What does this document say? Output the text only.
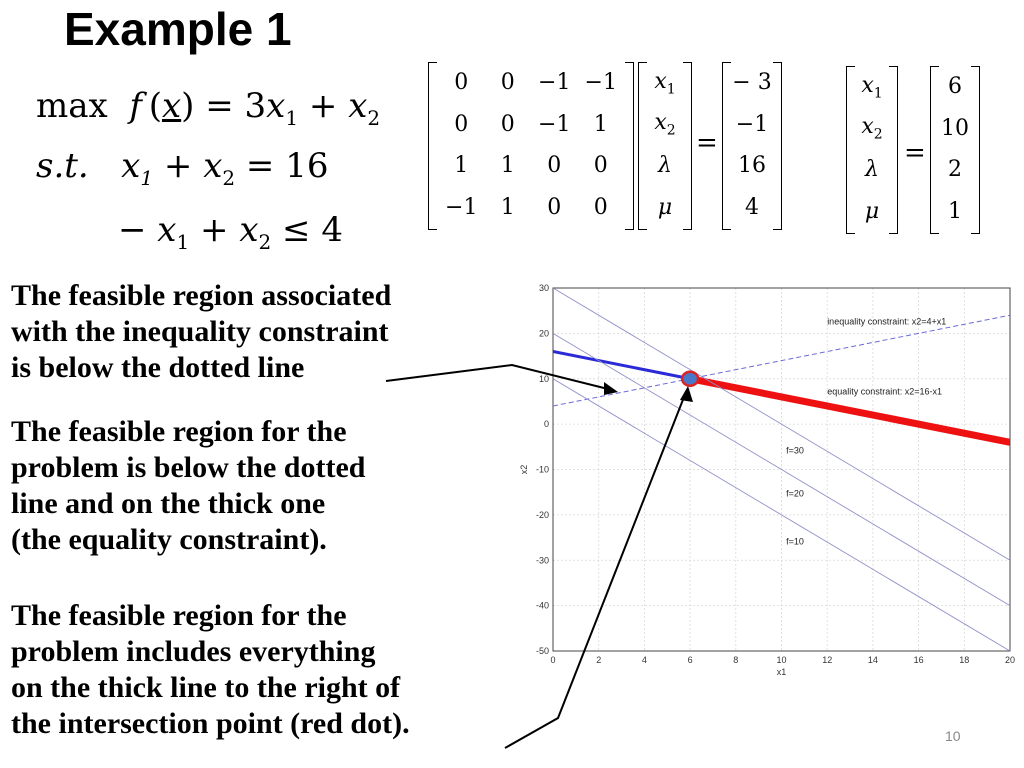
Example 1
max f $(x) = 3x_1 + x_2$
s.t. $x_1 + x_2 = 16$
− $x_1 + x_2 \le 4$
0 0 −1 −1
0 0 −1 1
1 1 0 0
−1 1 0 0
$x_1$
$x_2$
λ
μ
=
− 3
−1
16
4
$x_1$
$x_2$
λ
μ
=
6
10
2
1
The feasible region associated
with the inequality constraint
is below the dotted line
The feasible region for the
problem is below the dotted
line and on the thick one
(the equality constraint).
The feasible region for the
problem includes everything
on the thick line to the right of
the intersection point (red dot).	10
0	2	4	6	8	10	12	14	16	18	20
30
20
10
0
-10
-20
-30
-40
-50
x1
x2
inequality constraint: x2=4+x1
equality constraint: x2=16-x1
f=30
f=20
f=10
